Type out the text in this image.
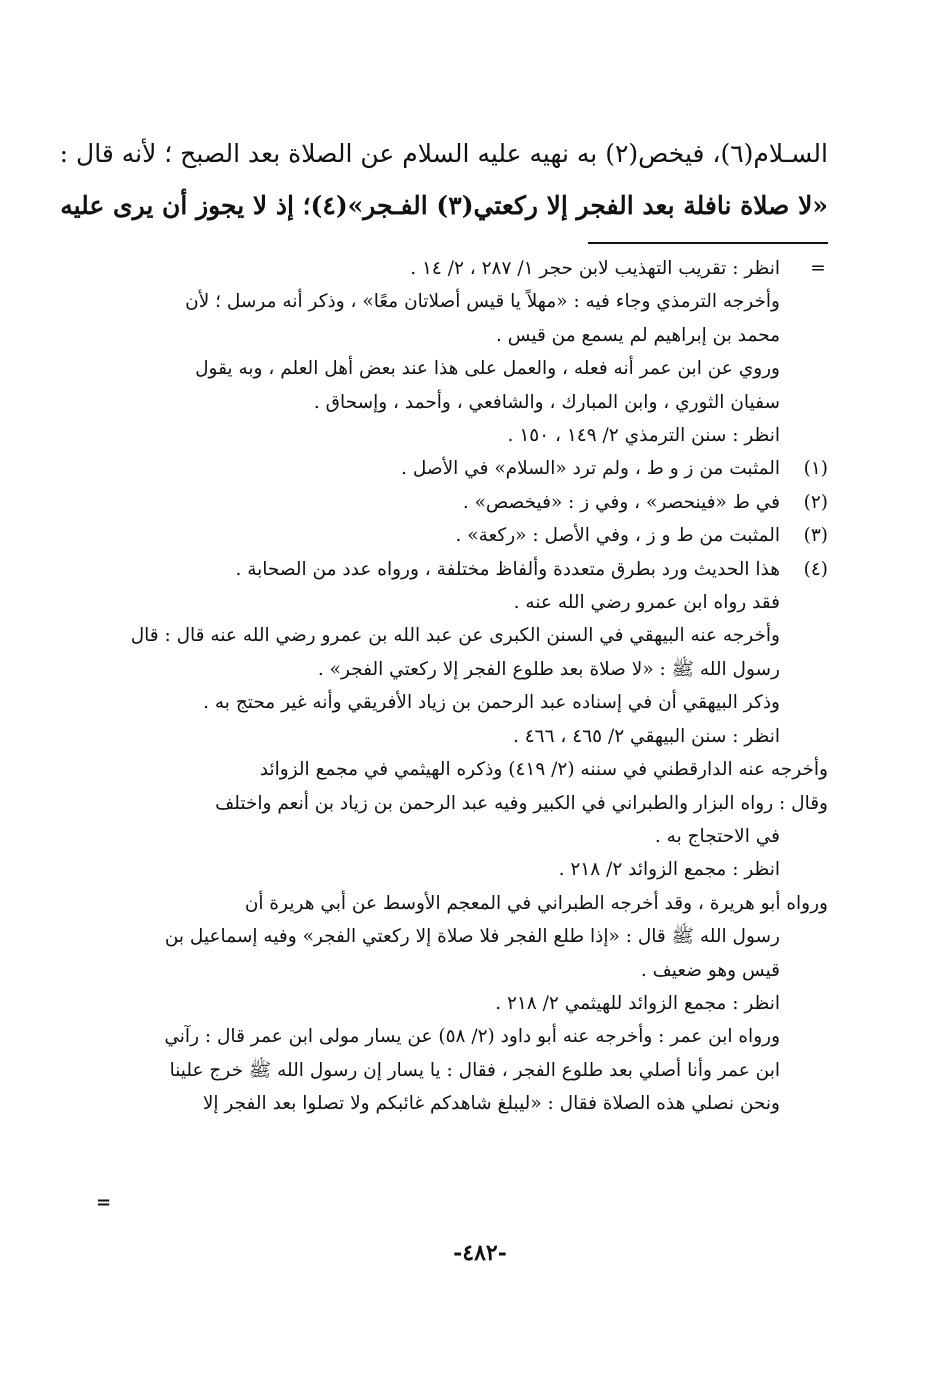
السـلام(٦)، فيخص(٢) به نهيه عليه السلام عن الصلاة بعد الصبح ؛ لأنه قال :
«لا صلاة نافلة بعد الفجر إلا ركعتي(٣) الفـجر»(٤)؛ إذ لا يجوز أن يرى عليه
=
انظر : تقريب التهذيب لابن حجر ١/ ٢٨٧ ، ٢/ ١٤ .
وأخرجه الترمذي وجاء فيه : «مهلاً يا قيس أصلاتان معًا» ، وذكر أنه مرسل ؛ لأن
محمد بن إبراهيم لم يسمع من قيس .
وروي عن ابن عمر أنه فعله ، والعمل على هذا عند بعض أهل العلم ، وبه يقول
سفيان الثوري ، وابن المبارك ، والشافعي ، وأحمد ، وإسحاق .
انظر : سنن الترمذي ٢/ ١٤٩ ، ١٥٠ .
(١)
المثبت من ز و ط ، ولم ترد «السلام» في الأصل .
(٢)
في ط «فينحصر» ، وفي ز : «فيخصص» .
(٣)
المثبت من ط و ز ، وفي الأصل : «ركعة» .
(٤)
هذا الحديث ورد بطرق متعددة وألفاظ مختلفة ، ورواه عدد من الصحابة .
فقد رواه ابن عمرو رضي الله عنه .
وأخرجه عنه البيهقي في السنن الكبرى عن عبد الله بن عمرو رضي الله عنه قال : قال
رسول الله ﷺ : «لا صلاة بعد طلوع الفجر إلا ركعتي الفجر» .
وذكر البيهقي أن في إسناده عبد الرحمن بن زياد الأفريقي وأنه غير محتج به .
انظر : سنن البيهقي ٢/ ٤٦٥ ، ٤٦٦ .
وأخرجه عنه الدارقطني في سننه (٢/ ٤١٩) وذكره الهيثمي في مجمع الزوائد
وقال : رواه البزار والطبراني في الكبير وفيه عبد الرحمن بن زياد بن أنعم واختلف
في الاحتجاج به .
انظر : مجمع الزوائد ٢/ ٢١٨ .
ورواه أبو هريرة ، وقد أخرجه الطبراني في المعجم الأوسط عن أبي هريرة أن
رسول الله ﷺ قال : «إذا طلع الفجر فلا صلاة إلا ركعتي الفجر» وفيه إسماعيل بن
قيس وهو ضعيف .
انظر : مجمع الزوائد للهيثمي ٢/ ٢١٨ .
ورواه ابن عمر : وأخرجه عنه أبو داود (٢/ ٥٨) عن يسار مولى ابن عمر قال : رآني
ابن عمر وأنا أصلي بعد طلوع الفجر ، فقال : يا يسار إن رسول الله ﷺ خرج علينا
ونحن نصلي هذه الصلاة فقال : «ليبلغ شاهدكم غائبكم ولا تصلوا بعد الفجر إلا
=
-٤٨٢-
